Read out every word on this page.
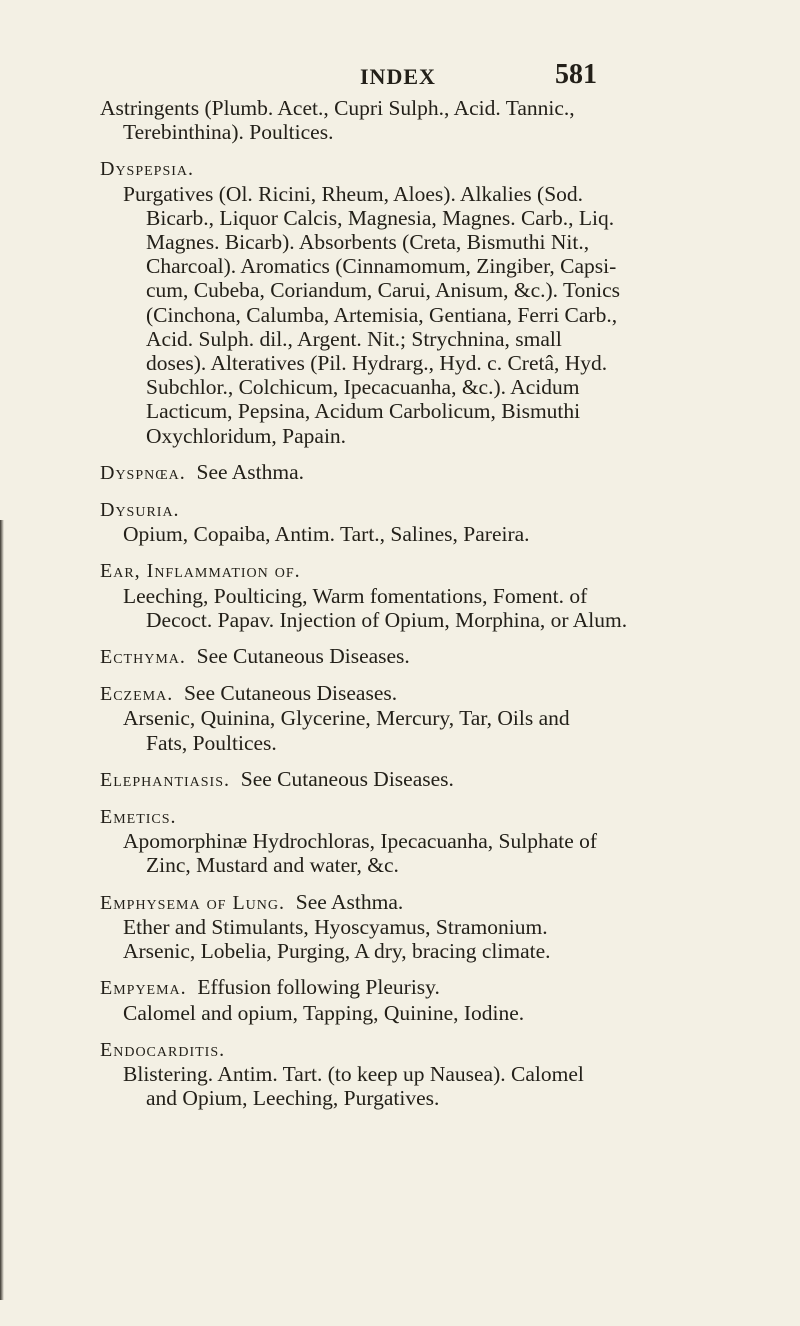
INDEX	581
Astringents (Plumb. Acet., Cupri Sulph., Acid. Tannic.,
Terebinthina). Poultices.
Dyspepsia.
Purgatives (Ol. Ricini, Rheum, Aloes). Alkalies (Sod.
Bicarb., Liquor Calcis, Magnesia, Magnes. Carb., Liq.
Magnes. Bicarb). Absorbents (Creta, Bismuthi Nit.,
Charcoal). Aromatics (Cinnamomum, Zingiber, Capsi-
cum, Cubeba, Coriandum, Carui, Anisum, &c.). Tonics
(Cinchona, Calumba, Artemisia, Gentiana, Ferri Carb.,
Acid. Sulph. dil., Argent. Nit.; Strychnina, small
doses). Alteratives (Pil. Hydrarg., Hyd. c. Cretâ, Hyd.
Subchlor., Colchicum, Ipecacuanha, &c.). Acidum
Lacticum, Pepsina, Acidum Carbolicum, Bismuthi
Oxychloridum, Papain.
Dyspnœa. See Asthma.
Dysuria.
Opium, Copaiba, Antim. Tart., Salines, Pareira.
Ear, Inflammation of.
Leeching, Poulticing, Warm fomentations, Foment. of
Decoct. Papav. Injection of Opium, Morphina, or Alum.
Ecthyma. See Cutaneous Diseases.
Eczema. See Cutaneous Diseases.
Arsenic, Quinina, Glycerine, Mercury, Tar, Oils and
Fats, Poultices.
Elephantiasis. See Cutaneous Diseases.
Emetics.
Apomorphinæ Hydrochloras, Ipecacuanha, Sulphate of
Zinc, Mustard and water, &c.
Emphysema of Lung. See Asthma.
Ether and Stimulants, Hyoscyamus, Stramonium.
Arsenic, Lobelia, Purging, A dry, bracing climate.
Empyema. Effusion following Pleurisy.
Calomel and opium, Tapping, Quinine, Iodine.
Endocarditis.
Blistering. Antim. Tart. (to keep up Nausea). Calomel
and Opium, Leeching, Purgatives.
